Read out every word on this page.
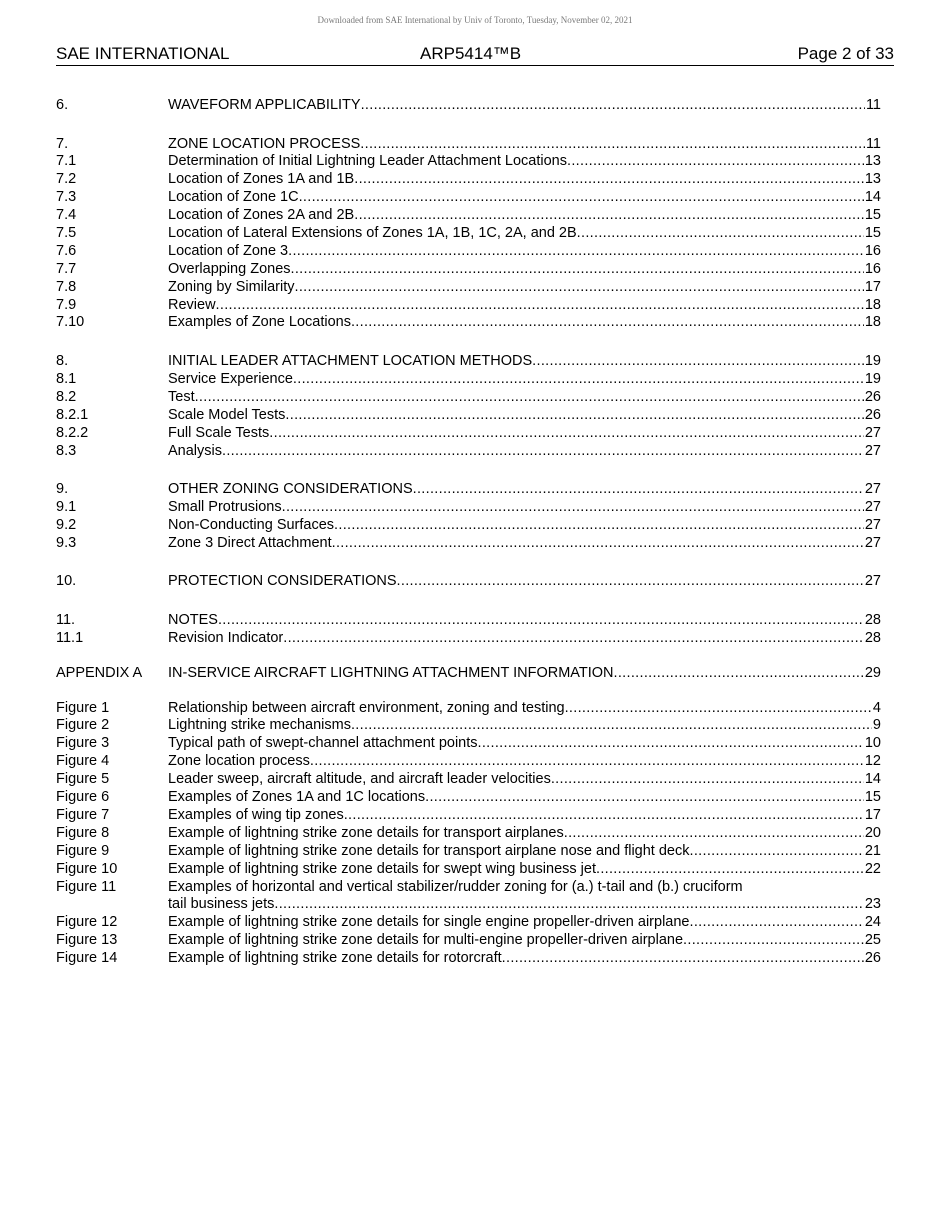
Downloaded from SAE International by Univ of Toronto, Tuesday, November 02, 2021
SAE INTERNATIONAL	ARP5414™B	Page 2 of 33
6.	WAVEFORM APPLICABILITY .....	11
7.	ZONE LOCATION PROCESS .....	11
7.1	Determination of Initial Lightning Leader Attachment Locations .....	13
7.2	Location of Zones 1A and 1B .....	13
7.3	Location of Zone 1C .....	14
7.4	Location of Zones 2A and 2B .....	15
7.5	Location of Lateral Extensions of Zones 1A, 1B, 1C, 2A, and 2B .....	15
7.6	Location of Zone 3 .....	16
7.7	Overlapping Zones .....	16
7.8	Zoning by Similarity .....	17
7.9	Review .....	18
7.10	Examples of Zone Locations .....	18
8.	INITIAL LEADER ATTACHMENT LOCATION METHODS .....	19
8.1	Service Experience .....	19
8.2	Test .....	26
8.2.1	Scale Model Tests .....	26
8.2.2	Full Scale Tests .....	27
8.3	Analysis .....	27
9.	OTHER ZONING CONSIDERATIONS .....	27
9.1	Small Protrusions .....	27
9.2	Non-Conducting Surfaces .....	27
9.3	Zone 3 Direct Attachment .....	27
10.	PROTECTION CONSIDERATIONS .....	27
11.	NOTES .....	28
11.1	Revision Indicator .....	28
APPENDIX A	IN-SERVICE AIRCRAFT LIGHTNING ATTACHMENT INFORMATION .....	29
Figure 1	Relationship between aircraft environment, zoning and testing .....	4
Figure 2	Lightning strike mechanisms .....	9
Figure 3	Typical path of swept-channel attachment points .....	10
Figure 4	Zone location process .....	12
Figure 5	Leader sweep, aircraft altitude, and aircraft leader velocities .....	14
Figure 6	Examples of Zones 1A and 1C locations .....	15
Figure 7	Examples of wing tip zones .....	17
Figure 8	Example of lightning strike zone details for transport airplanes .....	20
Figure 9	Example of lightning strike zone details for transport airplane nose and flight deck .....	21
Figure 10	Example of lightning strike zone details for swept wing business jet .....	22
Figure 11	Examples of horizontal and vertical stabilizer/rudder zoning for (a.) t-tail and (b.) cruciform
tail business jets .....	23
Figure 12	Example of lightning strike zone details for single engine propeller-driven airplane .....	24
Figure 13	Example of lightning strike zone details for multi-engine propeller-driven airplane .....	25
Figure 14	Example of lightning strike zone details for rotorcraft .....	26
